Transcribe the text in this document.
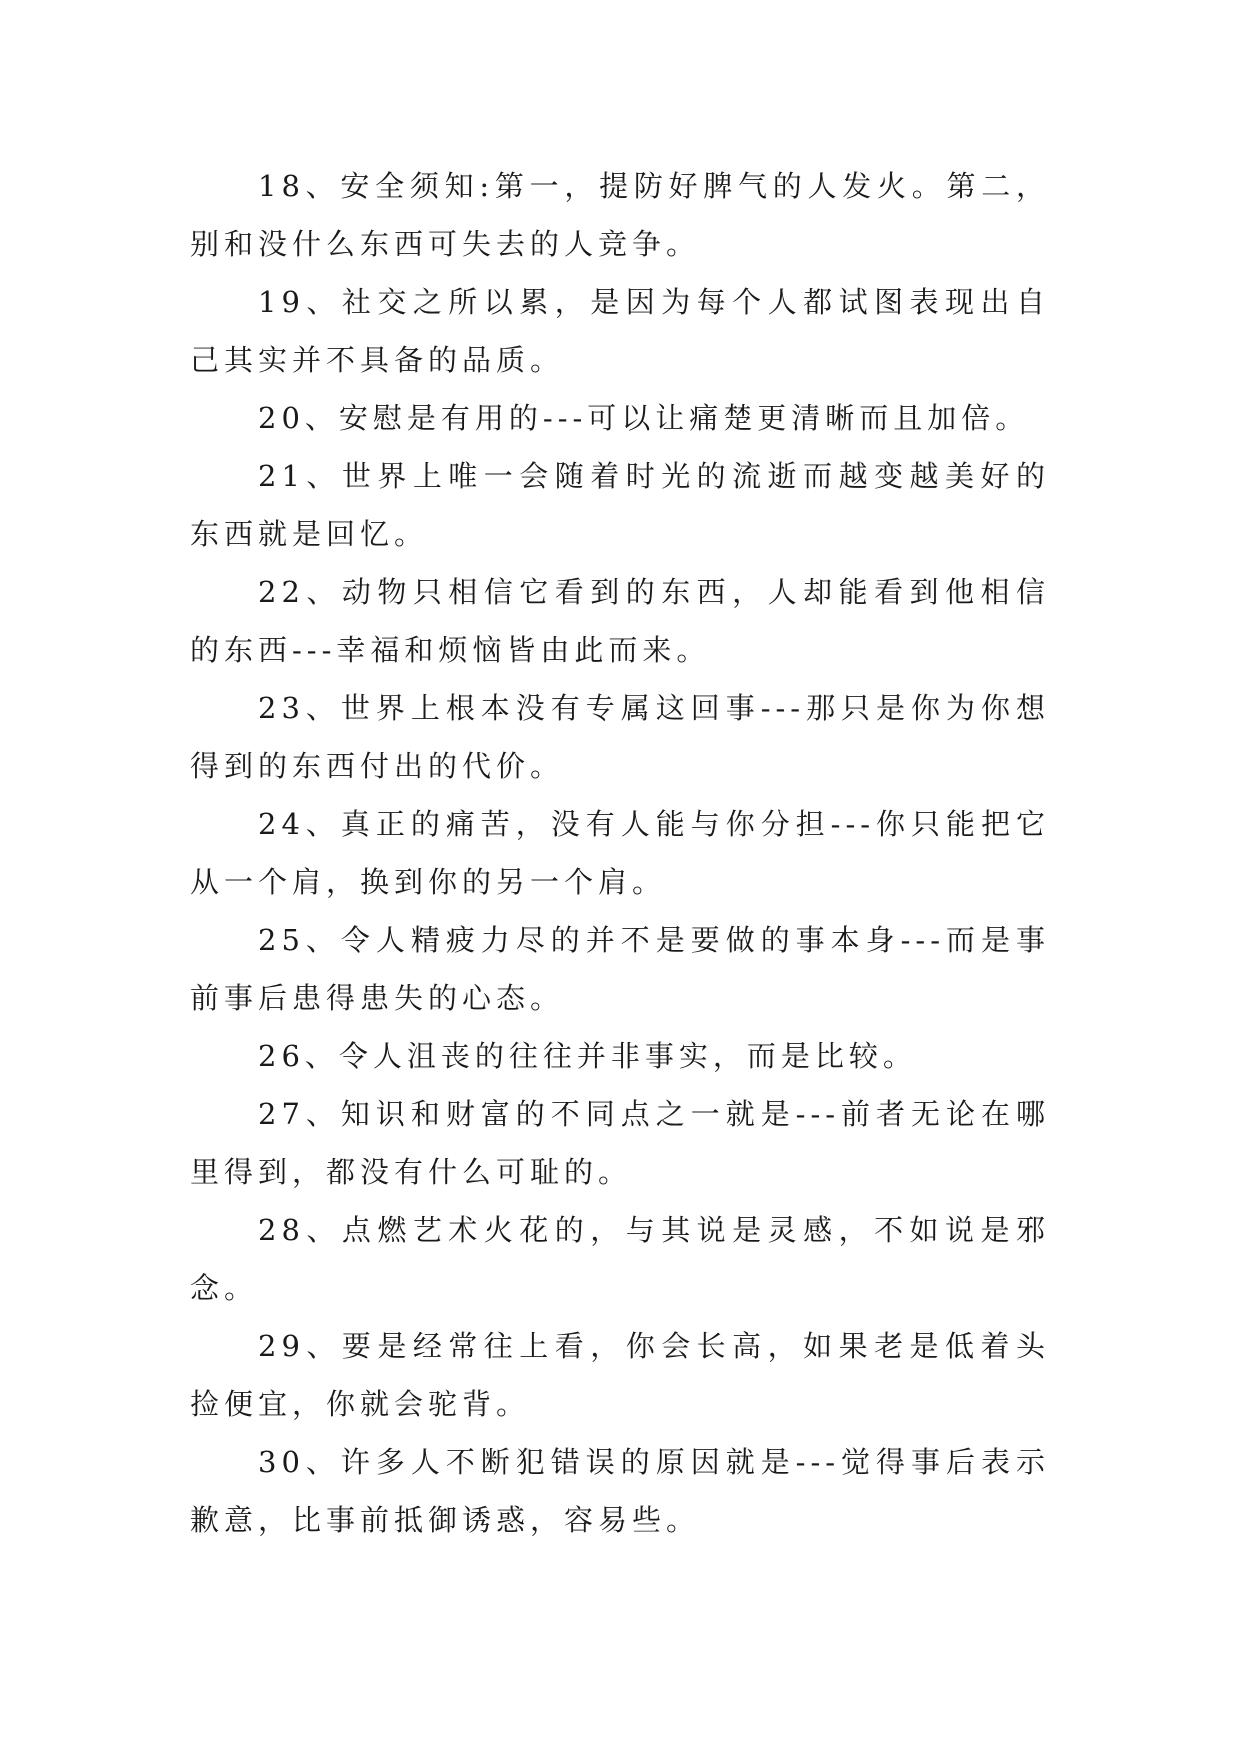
18、安全须知:第一，提防好脾气的人发火。第二，别和没什么东西可失去的人竞争。

19、社交之所以累，是因为每个人都试图表现出自己其实并不具备的品质。

20、安慰是有用的---可以让痛楚更清晰而且加倍。

21、世界上唯一会随着时光的流逝而越变越美好的东西就是回忆。

22、动物只相信它看到的东西，人却能看到他相信的东西---幸福和烦恼皆由此而来。

23、世界上根本没有专属这回事---那只是你为你想得到的东西付出的代价。

24、真正的痛苦，没有人能与你分担---你只能把它从一个肩，换到你的另一个肩。

25、令人精疲力尽的并不是要做的事本身---而是事前事后患得患失的心态。

26、令人沮丧的往往并非事实，而是比较。

27、知识和财富的不同点之一就是---前者无论在哪里得到，都没有什么可耻的。

28、点燃艺术火花的，与其说是灵感，不如说是邪念。

29、要是经常往上看，你会长高，如果老是低着头捡便宜，你就会驼背。

30、许多人不断犯错误的原因就是---觉得事后表示歉意，比事前抵御诱惑，容易些。
